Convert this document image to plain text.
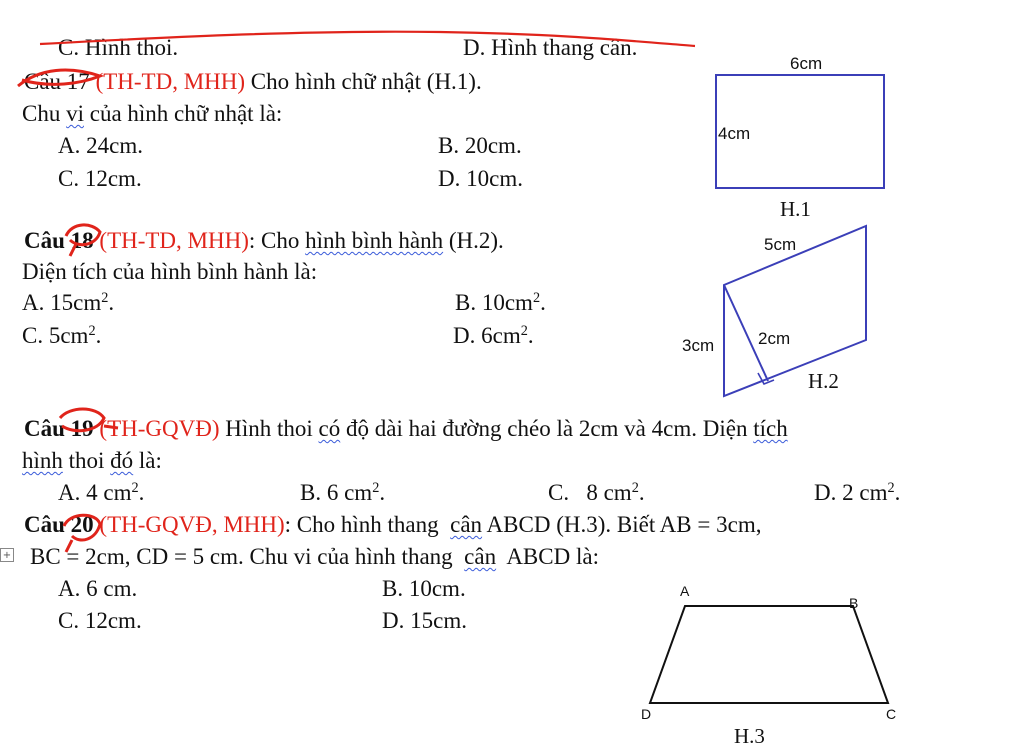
C. Hình thoi.	D. Hình thang cân.
Câu 17 (TH-TD, MHH) Cho hình chữ nhật (H.1).
Chu vi của hình chữ nhật là:
A. 24cm.	B. 20cm.
C. 12cm.	D. 10cm.
Câu 18 (TH-TD, MHH): Cho hình bình hành (H.2).
Diện tích của hình bình hành là:
A. $15cm^2$.	B. $10cm^2$.
C. $5cm^2$.	D. $6cm^2$.
Câu 19 (TH-GQVĐ) Hình thoi có độ dài hai đường chéo là 2cm và 4cm. Diện tích
hình thoi đó là:
A. 4 $cm^2$.	B. 6 $cm^2$.	C.   8 $cm^2$.	D. 2 $cm^2$.
Câu 20 (TH-GQVĐ, MHH): Cho hình thang  cân ABCD (H.3). Biết AB = 3cm,
+ BC = 2cm, CD = 5 cm. Chu vi của hình thang  cân  ABCD là:
A. 6 cm.	B. 10cm.
C. 12cm.	D. 15cm.
6cm
4cm
H.1
5cm
3cm	2cm
H.2
A
B
C
D
H.3
